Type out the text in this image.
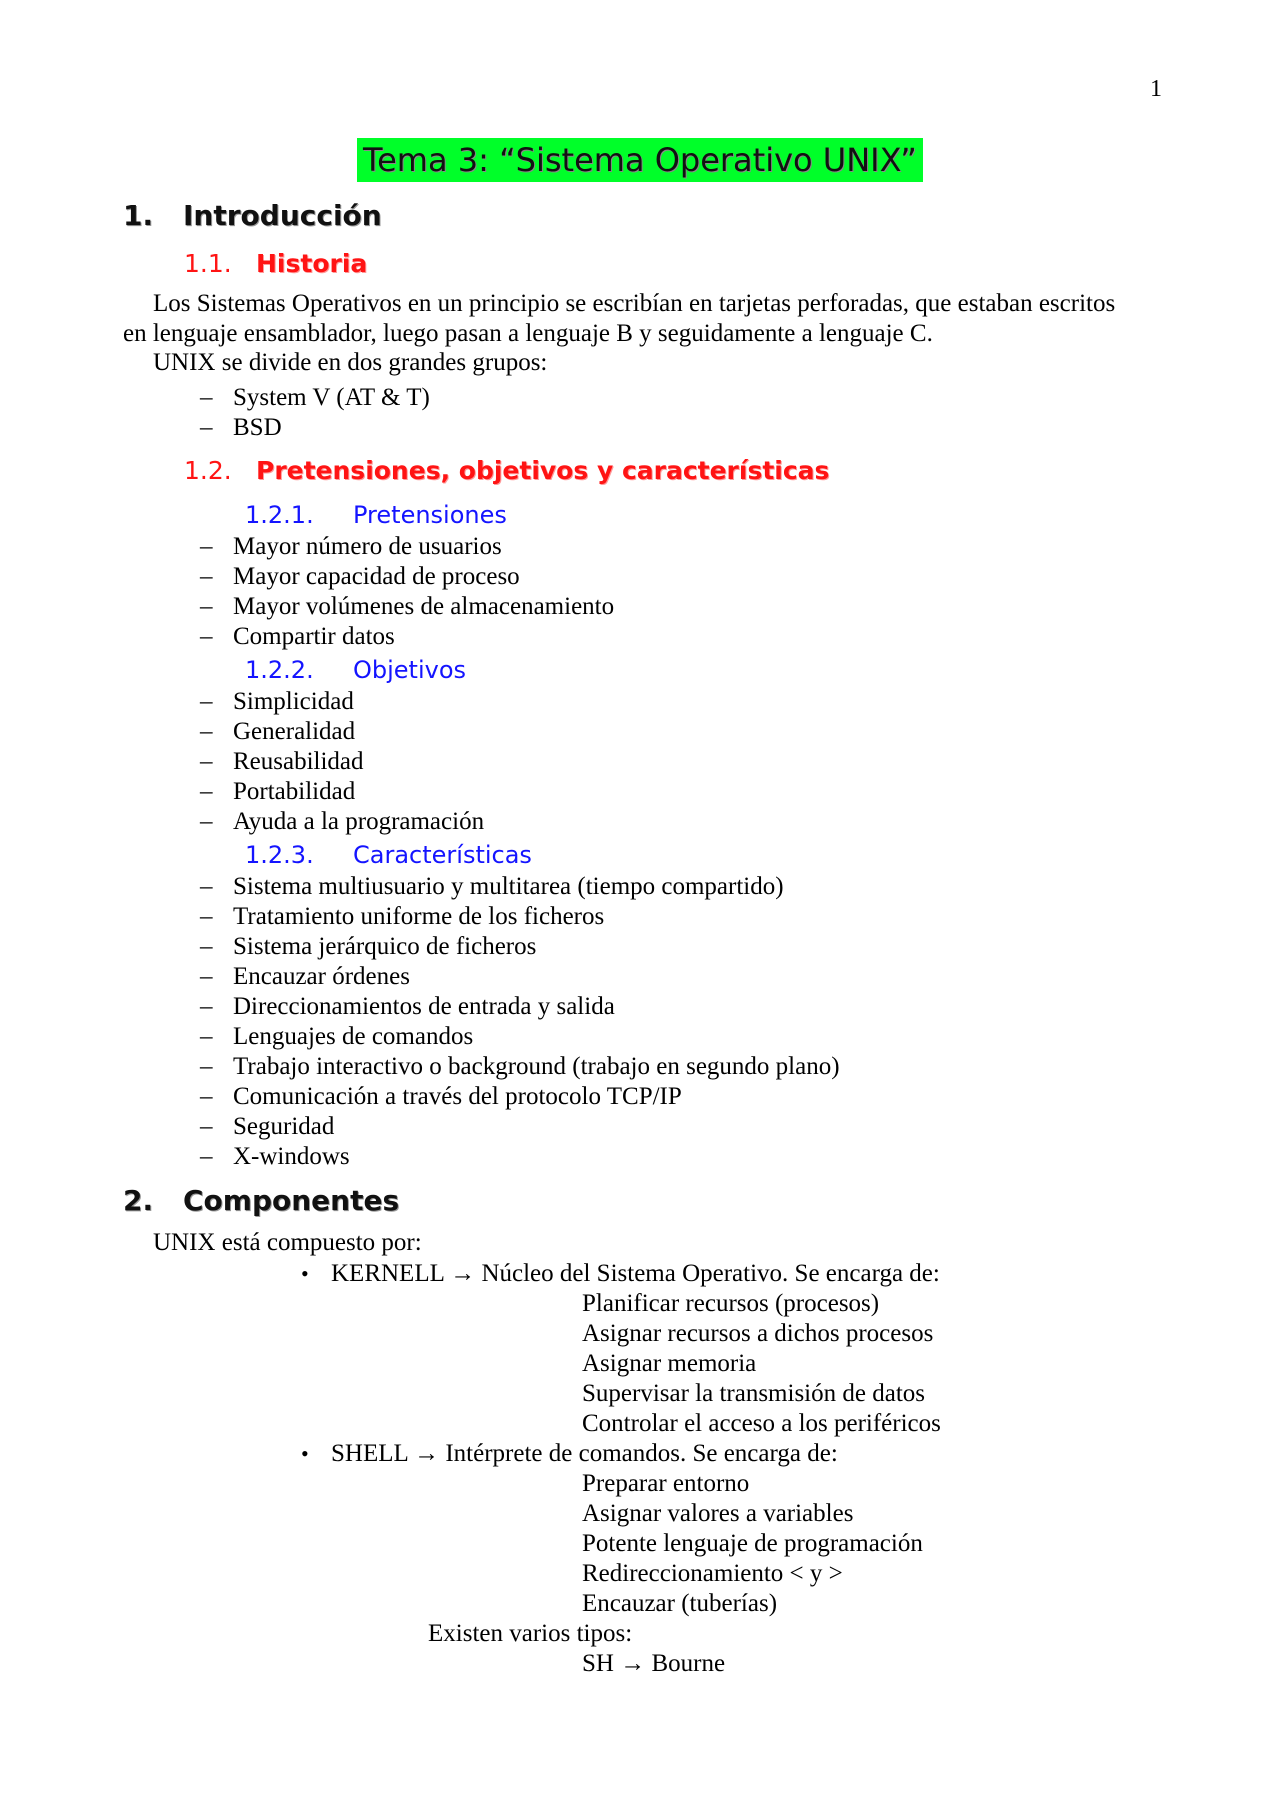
1
Tema 3: “Sistema Operativo UNIX”
1. Introducción
1.1. Historia
Los Sistemas Operativos en un principio se escribían en tarjetas perforadas, que estaban escritos
en lenguaje ensamblador, luego pasan a lenguaje B y seguidamente a lenguaje C.
UNIX se divide en dos grandes grupos:
– System V (AT & T)
– BSD
1.2. Pretensiones, objetivos y características
1.2.1. Pretensiones
– Mayor número de usuarios
– Mayor capacidad de proceso
– Mayor volúmenes de almacenamiento
– Compartir datos
1.2.2. Objetivos
– Simplicidad
– Generalidad
– Reusabilidad
– Portabilidad
– Ayuda a la programación
1.2.3. Características
– Sistema multiusuario y multitarea (tiempo compartido)
– Tratamiento uniforme de los ficheros
– Sistema jerárquico de ficheros
– Encauzar órdenes
– Direccionamientos de entrada y salida
– Lenguajes de comandos
– Trabajo interactivo o background (trabajo en segundo plano)
– Comunicación a través del protocolo TCP/IP
– Seguridad
– X-windows
2. Componentes
UNIX está compuesto por:
• KERNELL → Núcleo del Sistema Operativo. Se encarga de:
Planificar recursos (procesos)
Asignar recursos a dichos procesos
Asignar memoria
Supervisar la transmisión de datos
Controlar el acceso a los periféricos
• SHELL → Intérprete de comandos. Se encarga de:
Preparar entorno
Asignar valores a variables
Potente lenguaje de programación
Redireccionamiento < y >
Encauzar (tuberías)
Existen varios tipos:
SH → Bourne
